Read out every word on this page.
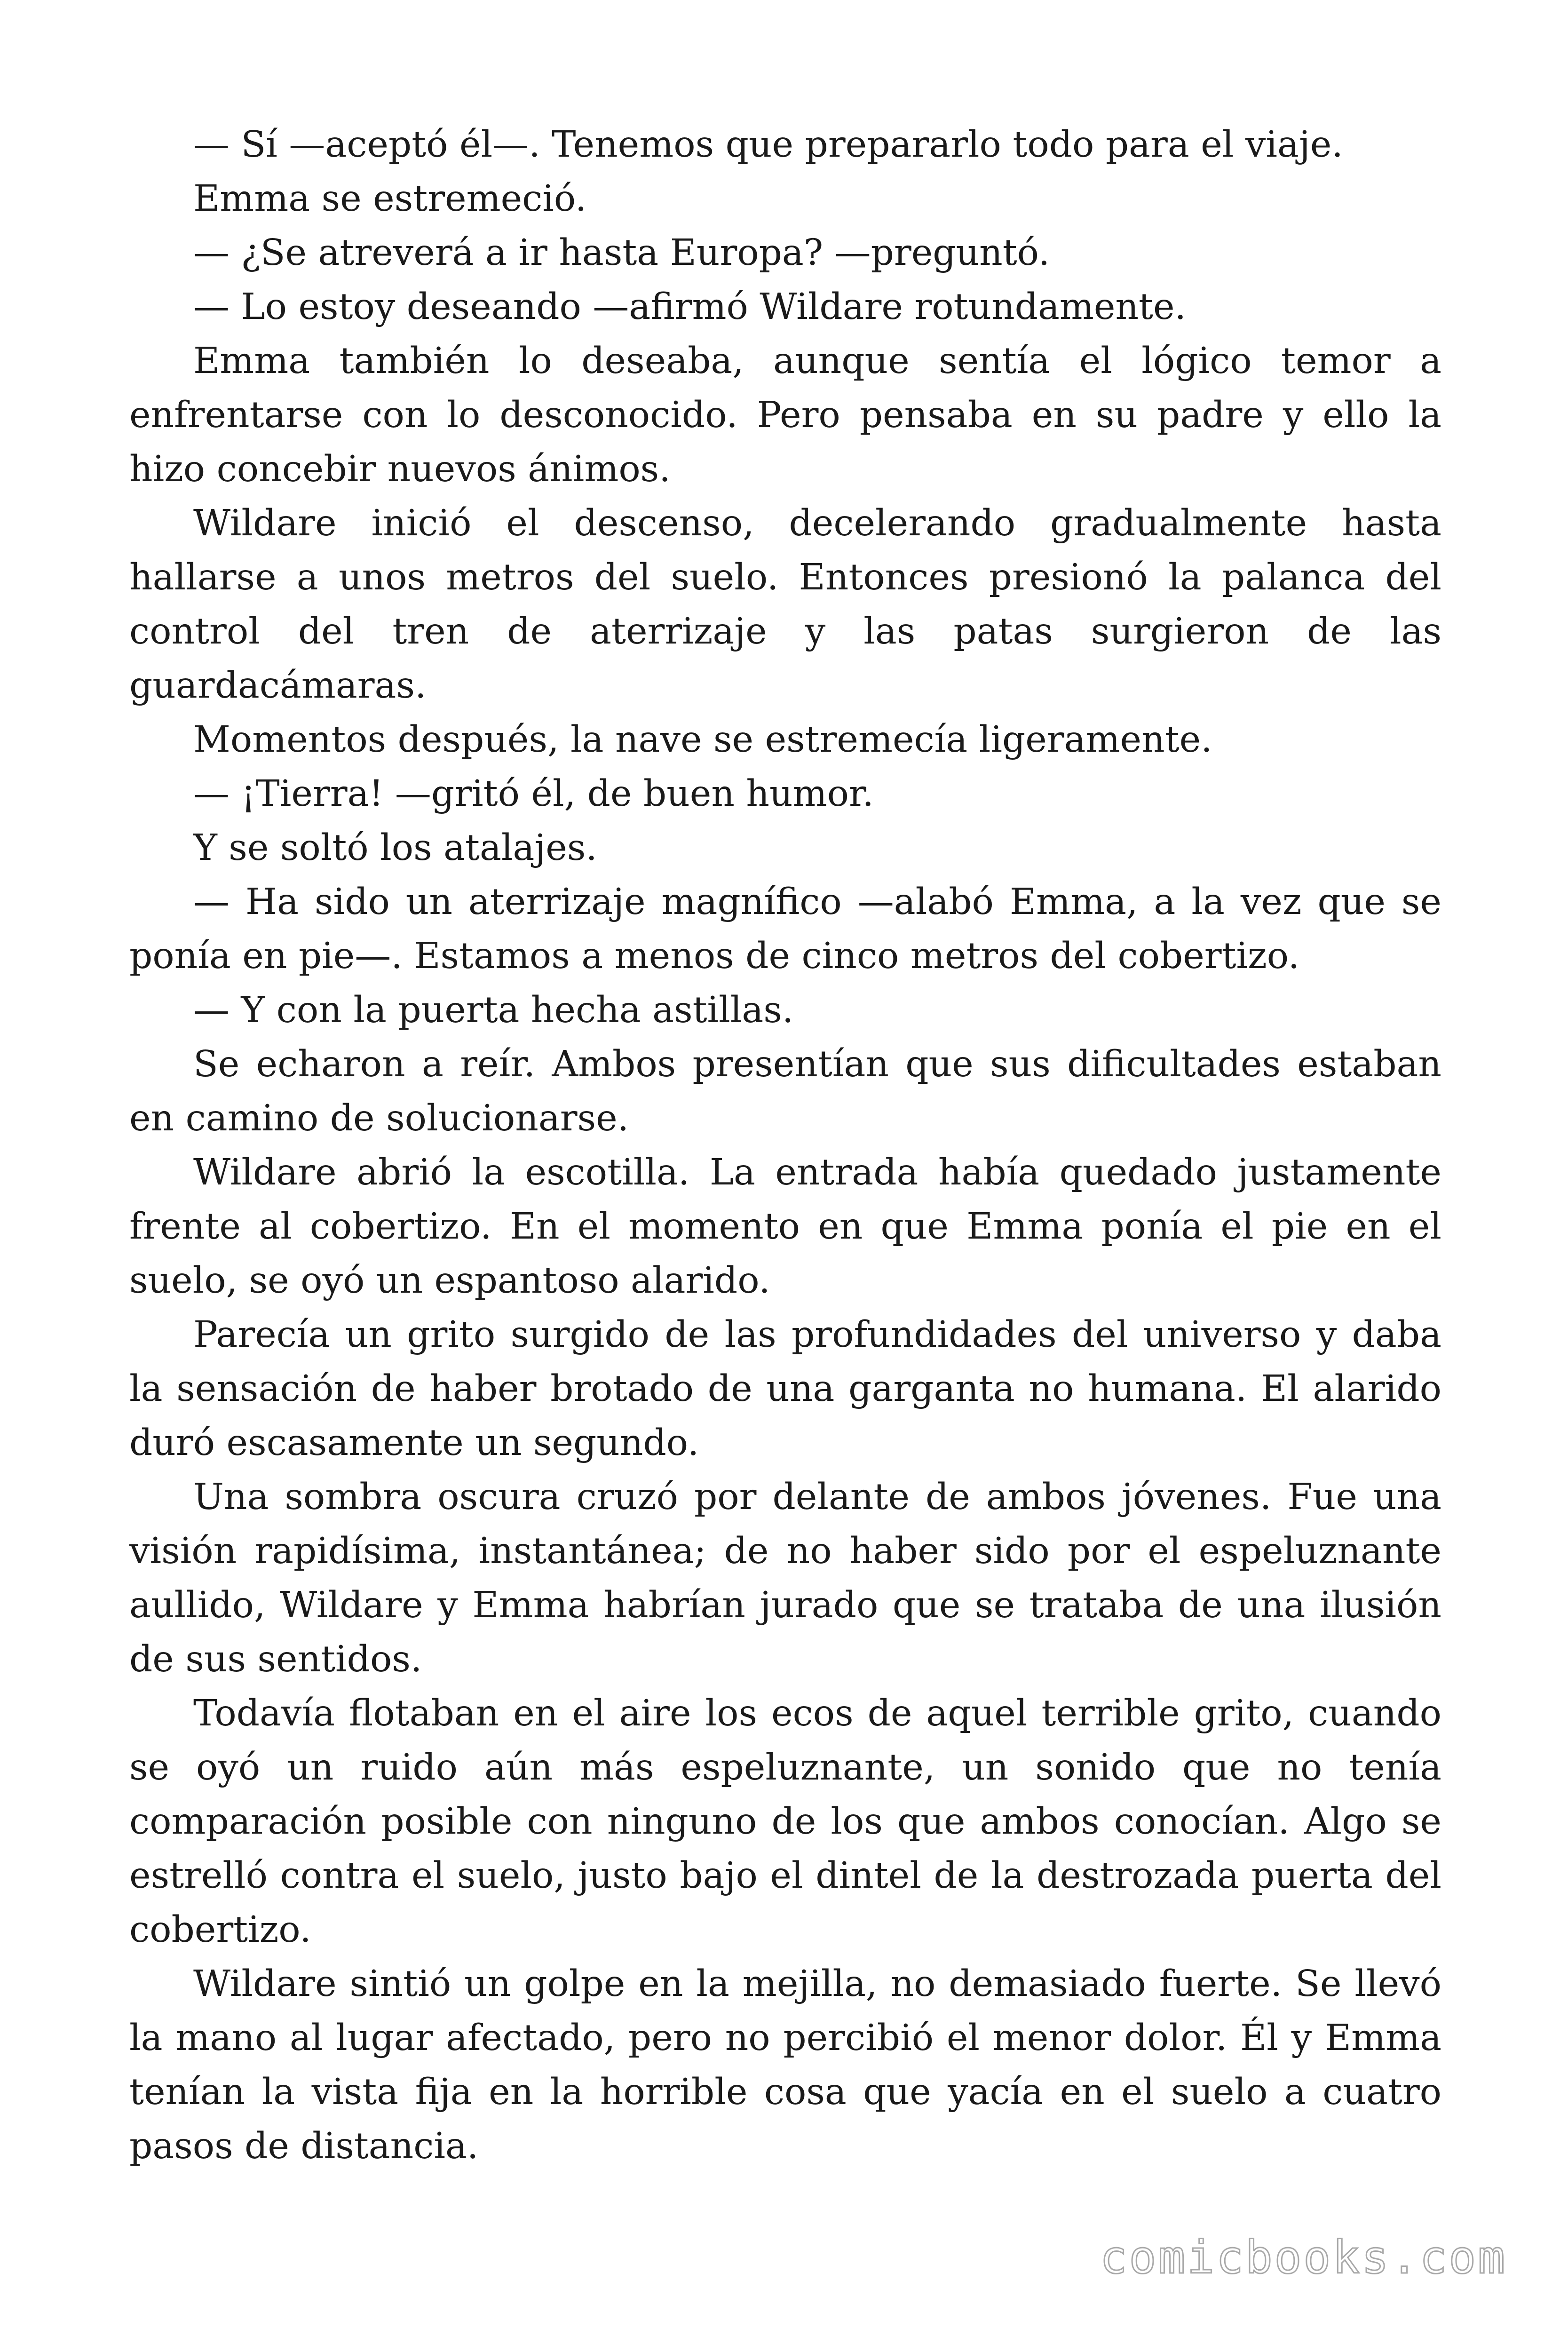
— Sí —aceptó él—. Tenemos que prepararlo todo para el viaje.

Emma se estremeció.

— ¿Se atreverá a ir hasta Europa? —preguntó.

— Lo estoy deseando —afirmó Wildare rotundamente.

Emma también lo deseaba, aunque sentía el lógico temor a enfrentarse con lo desconocido. Pero pensaba en su padre y ello la hizo concebir nuevos ánimos.

Wildare inició el descenso, decelerando gradualmente hasta hallarse a unos metros del suelo. Entonces presionó la palanca del control del tren de aterrizaje y las patas surgieron de las guardacámaras.

Momentos después, la nave se estremecía ligeramente.

— ¡Tierra! —gritó él, de buen humor.

Y se soltó los atalajes.

— Ha sido un aterrizaje magnífico —alabó Emma, a la vez que se ponía en pie—. Estamos a menos de cinco metros del cobertizo.

— Y con la puerta hecha astillas.

Se echaron a reír. Ambos presentían que sus dificultades estaban en camino de solucionarse.

Wildare abrió la escotilla. La entrada había quedado justamente frente al cobertizo. En el momento en que Emma ponía el pie en el suelo, se oyó un espantoso alarido.

Parecía un grito surgido de las profundidades del universo y daba la sensación de haber brotado de una garganta no humana. El alarido duró escasamente un segundo.

Una sombra oscura cruzó por delante de ambos jóvenes. Fue una visión rapidísima, instantánea; de no haber sido por el espeluznante aullido, Wildare y Emma habrían jurado que se trataba de una ilusión de sus sentidos.

Todavía flotaban en el aire los ecos de aquel terrible grito, cuando se oyó un ruido aún más espeluznante, un sonido que no tenía comparación posible con ninguno de los que ambos conocían. Algo se estrelló contra el suelo, justo bajo el dintel de la destrozada puerta del cobertizo.

Wildare sintió un golpe en la mejilla, no demasiado fuerte. Se llevó la mano al lugar afectado, pero no percibió el menor dolor. Él y Emma tenían la vista fija en la horrible cosa que yacía en el suelo a cuatro pasos de distancia.

comicbooks.com
